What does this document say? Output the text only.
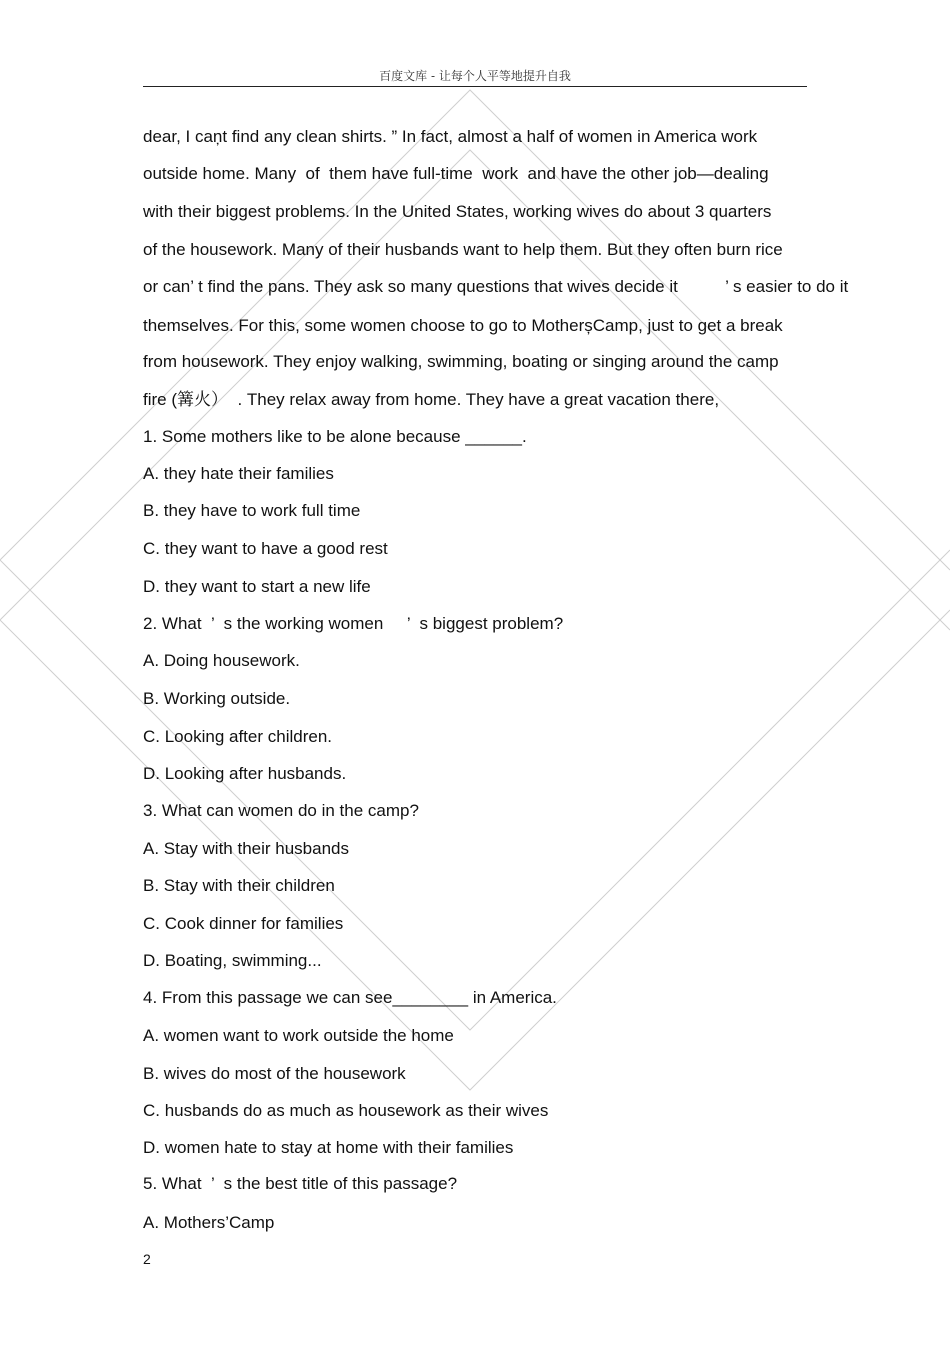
百度文库 - 让每个人平等地提升自我
dear, I caņt find any clean shirts. ” In fact, almost a half of women in America work
outside home. Many  of  them have full-time  work  and have the other job—dealing
with their biggest problems. In the United States, working wives do about 3 quarters
of the housework. Many of their husbands want to help them. But they often burn rice
or can’ t find the pans. They ask so many questions that wives decide it          ’ s easier to do it
themselves. For this, some women choose to go to MotherșCamp, just to get a break
from housework. They enjoy walking, swimming, boating or singing around the camp
fire (篝火）  . They relax away from home. They have a great vacation there,
1. Some mothers like to be alone because ______.
A. they hate their families
B. they have to work full time
C. they want to have a good rest
D. they want to start a new life
2. What  ’  s the working women     ’  s biggest problem?
A. Doing housework.
B. Working outside.
C. Looking after children.
D. Looking after husbands.
3. What can women do in the camp?
A. Stay with their husbands
B. Stay with their children
C. Cook dinner for families
D. Boating, swimming...
4. From this passage we can see________ in America.
A. women want to work outside the home
B. wives do most of the housework
C. husbands do as much as housework as their wives
D. women hate to stay at home with their families
5. What  ’  s the best title of this passage?
A. Mothers’Camp
2
